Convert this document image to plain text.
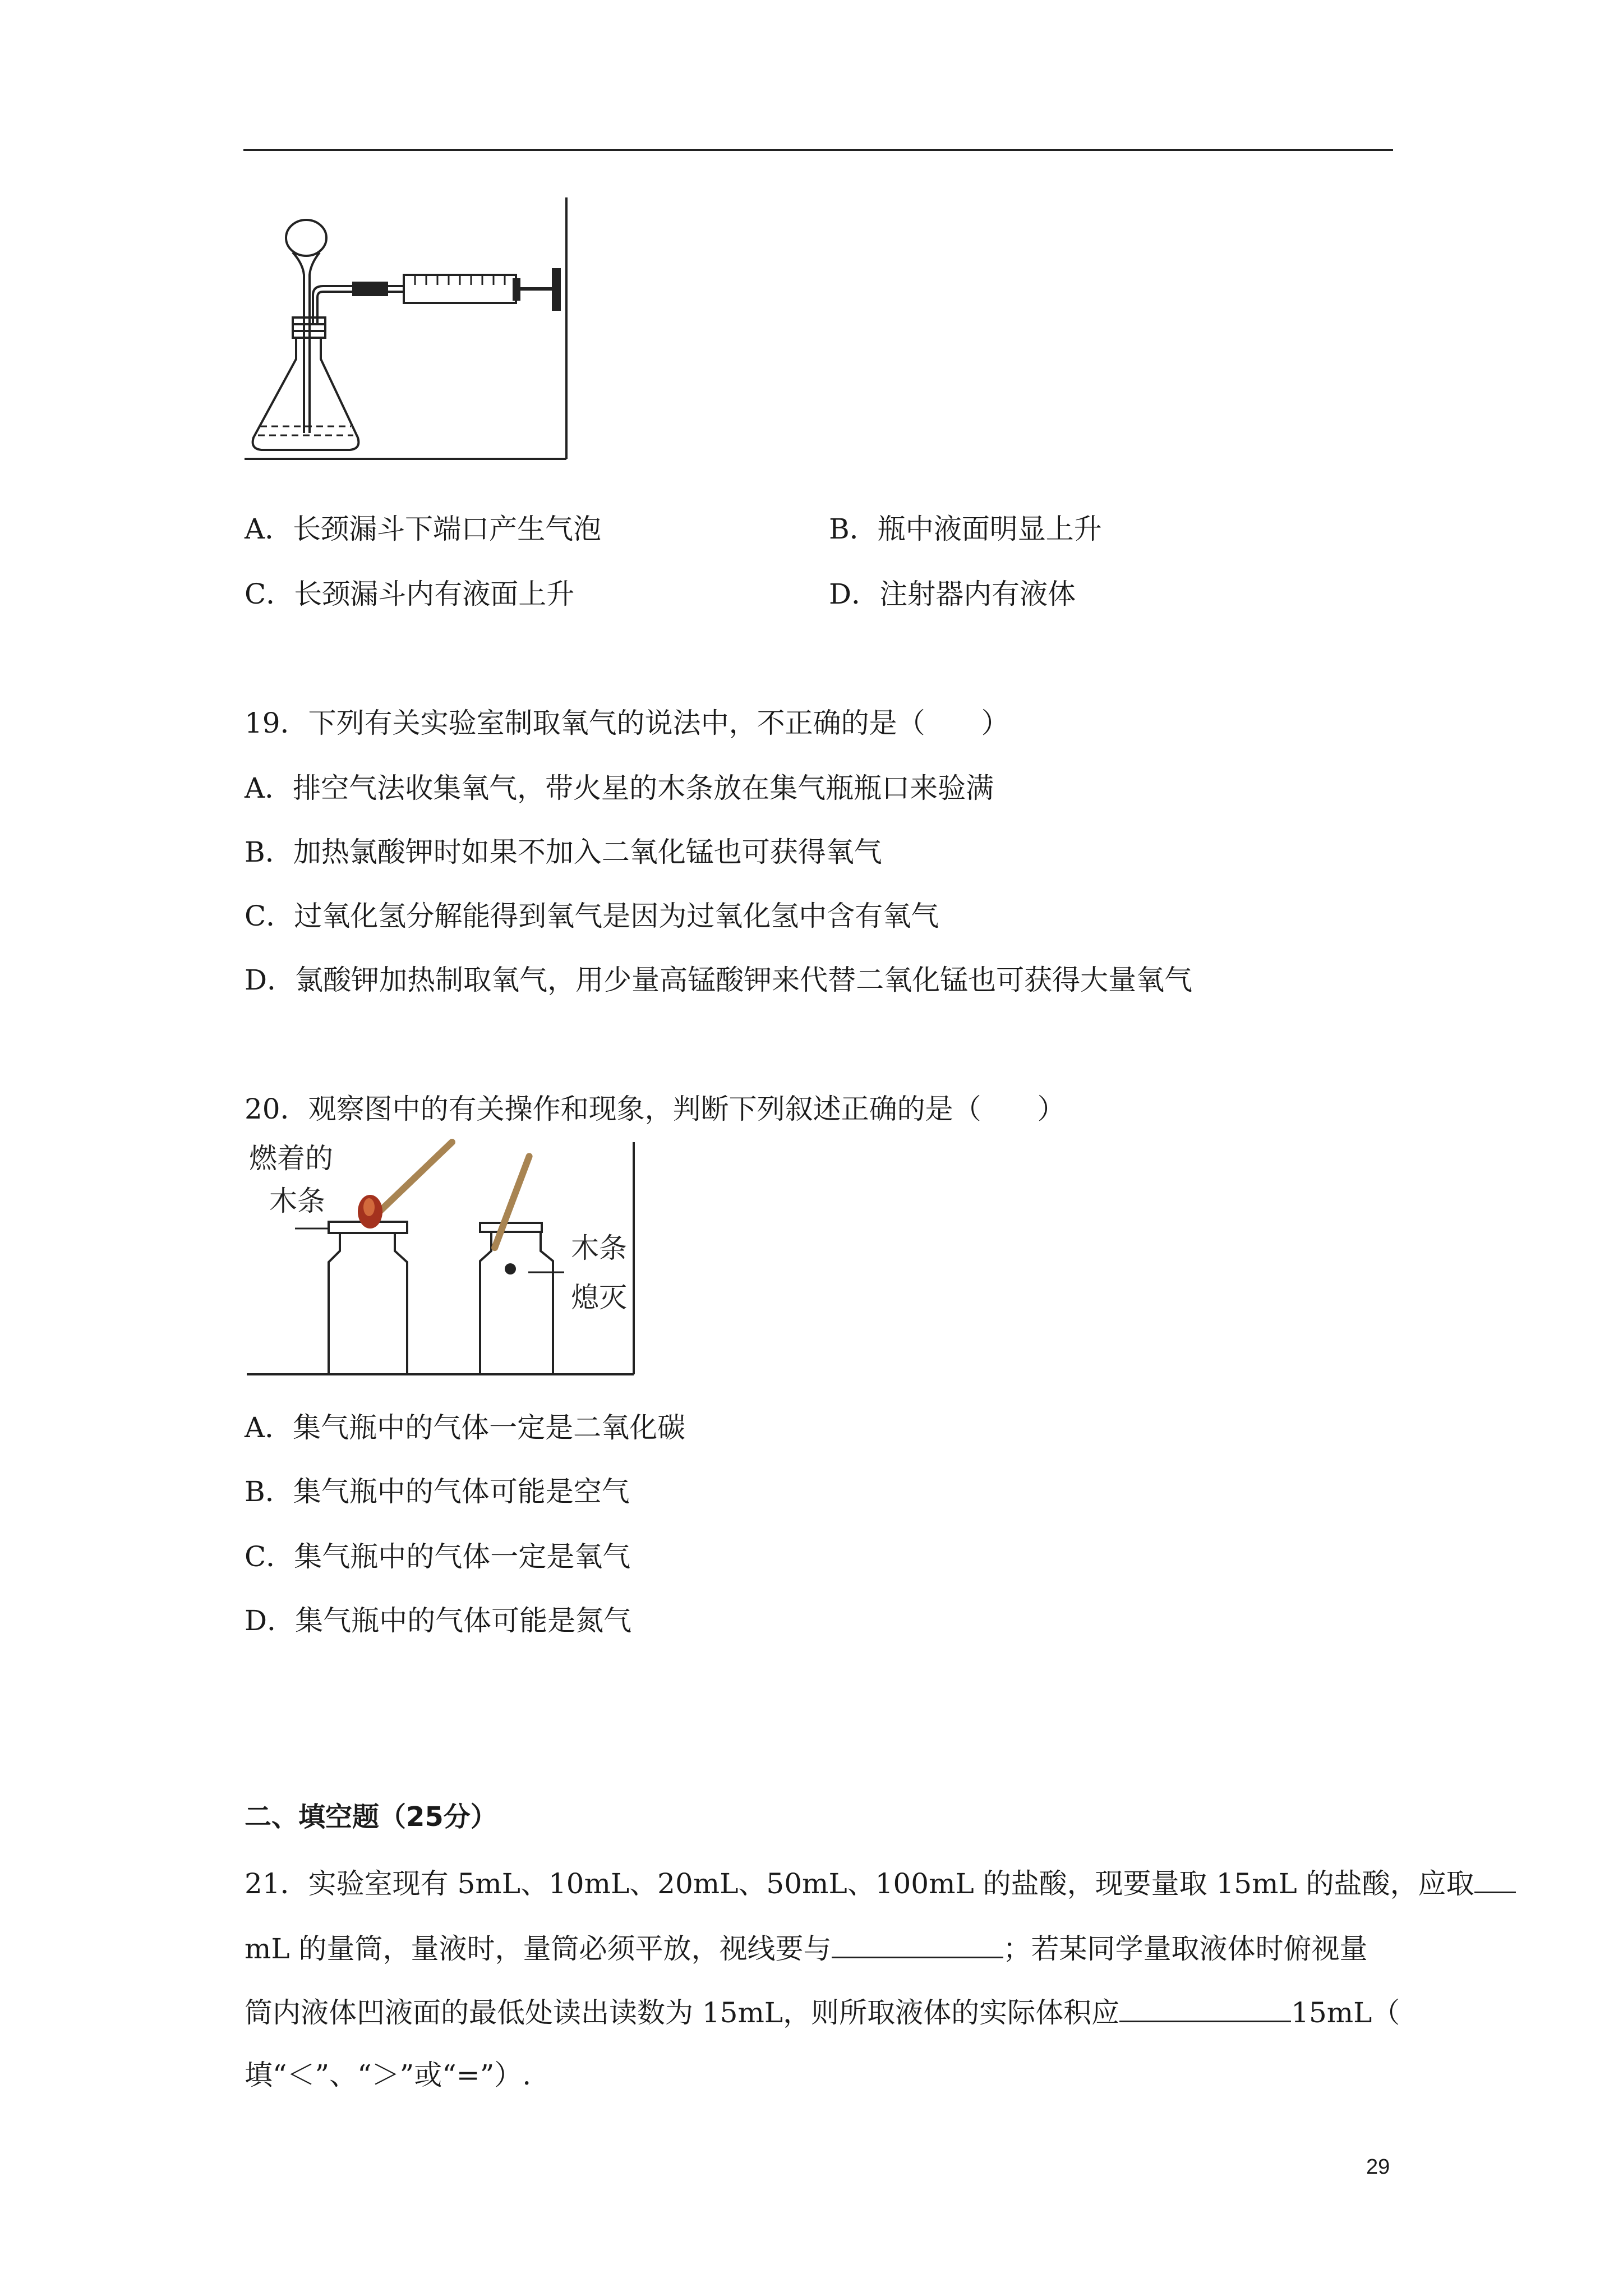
A．长颈漏斗下端口产生气泡	B．瓶中液面明显上升
C．长颈漏斗内有液面上升	D．注射器内有液体
19．下列有关实验室制取氧气的说法中，不正确的是（　　）
A．排空气法收集氧气，带火星的木条放在集气瓶瓶口来验满
B．加热氯酸钾时如果不加入二氧化锰也可获得氧气
C．过氧化氢分解能得到氧气是因为过氧化氢中含有氧气
D．氯酸钾加热制取氧气，用少量高锰酸钾来代替二氧化锰也可获得大量氧气
20．观察图中的有关操作和现象，判断下列叙述正确的是（　　）
燃着的
木条
木条
熄灭
A．集气瓶中的气体一定是二氧化碳
B．集气瓶中的气体可能是空气
C．集气瓶中的气体一定是氧气
D．集气瓶中的气体可能是氮气
二、填空题（25分）
21．实验室现有 5mL、10mL、20mL、50mL、100mL 的盐酸，现要量取 15mL 的盐酸，应取
mL 的量筒，量液时，量筒必须平放，视线要与	；若某同学量取液体时俯视量
筒内液体凹液面的最低处读出读数为 15mL，则所取液体的实际体积应	15mL（
填“＜”、“＞”或“=”）.
29
